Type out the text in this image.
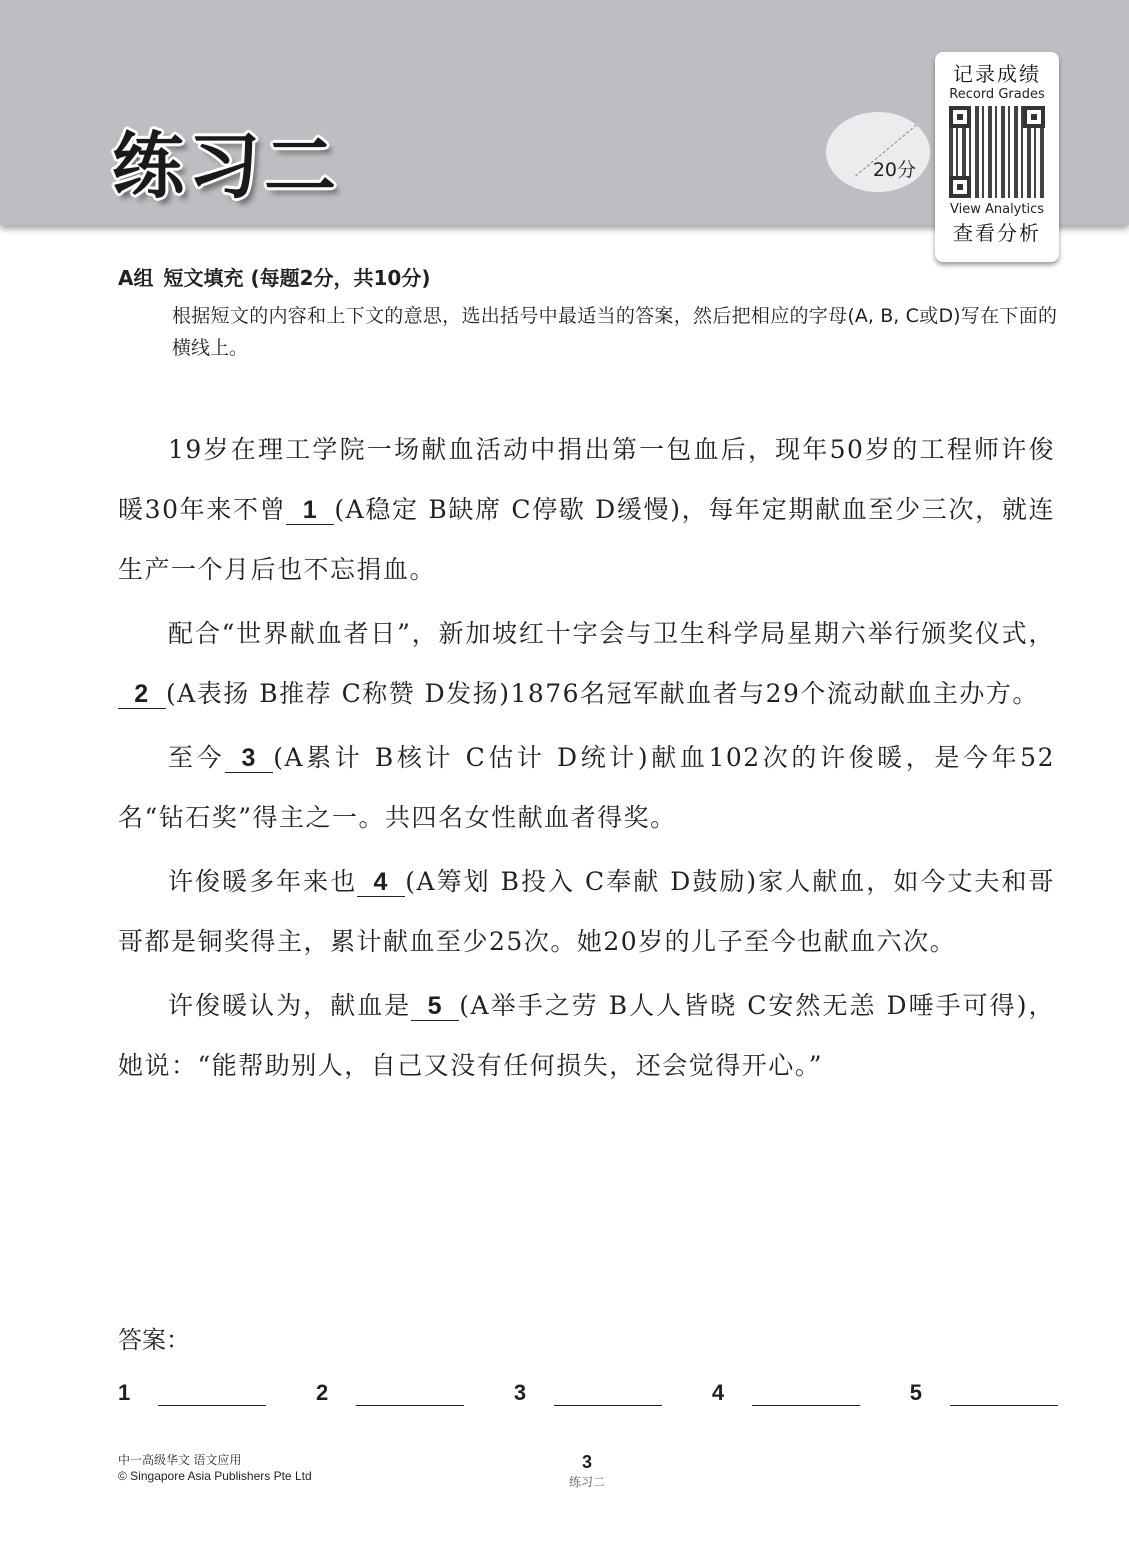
练习二	20分
记录成绩
Record Grades
View Analytics
查看分析
A组 短文填充 (每题2分，共10分)
根据短文的内容和上下文的意思，选出括号中最适当的答案，然后把相应的字母(A, B, C或D)写在下面的横线上。

19岁在理工学院一场献血活动中捐出第一包血后，现年50岁的工程师许俊暖30年来不曾 1 (A稳定 B缺席 C停歇 D缓慢)，每年定期献血至少三次，就连生产一个月后也不忘捐血。

配合“世界献血者日”，新加坡红十字会与卫生科学局星期六举行颁奖仪式，2 (A表扬 B推荐 C称赞 D发扬)1876名冠军献血者与29个流动献血主办方。

至今 3 (A累计 B核计 C估计 D统计)献血102次的许俊暖，是今年52名“钻石奖”得主之一。共四名女性献血者得奖。

许俊暖多年来也 4 (A筹划 B投入 C奉献 D鼓励)家人献血，如今丈夫和哥哥都是铜奖得主，累计献血至少25次。她20岁的儿子至今也献血六次。

许俊暖认为，献血是 5 (A举手之劳 B人人皆晓 C安然无恙 D唾手可得)，她说：“能帮助别人，自己又没有任何损失，还会觉得开心。”

答案：
1	2	3	4	5
中一高级华文 语文应用
© Singapore Asia Publishers Pte Ltd
3
练习二
